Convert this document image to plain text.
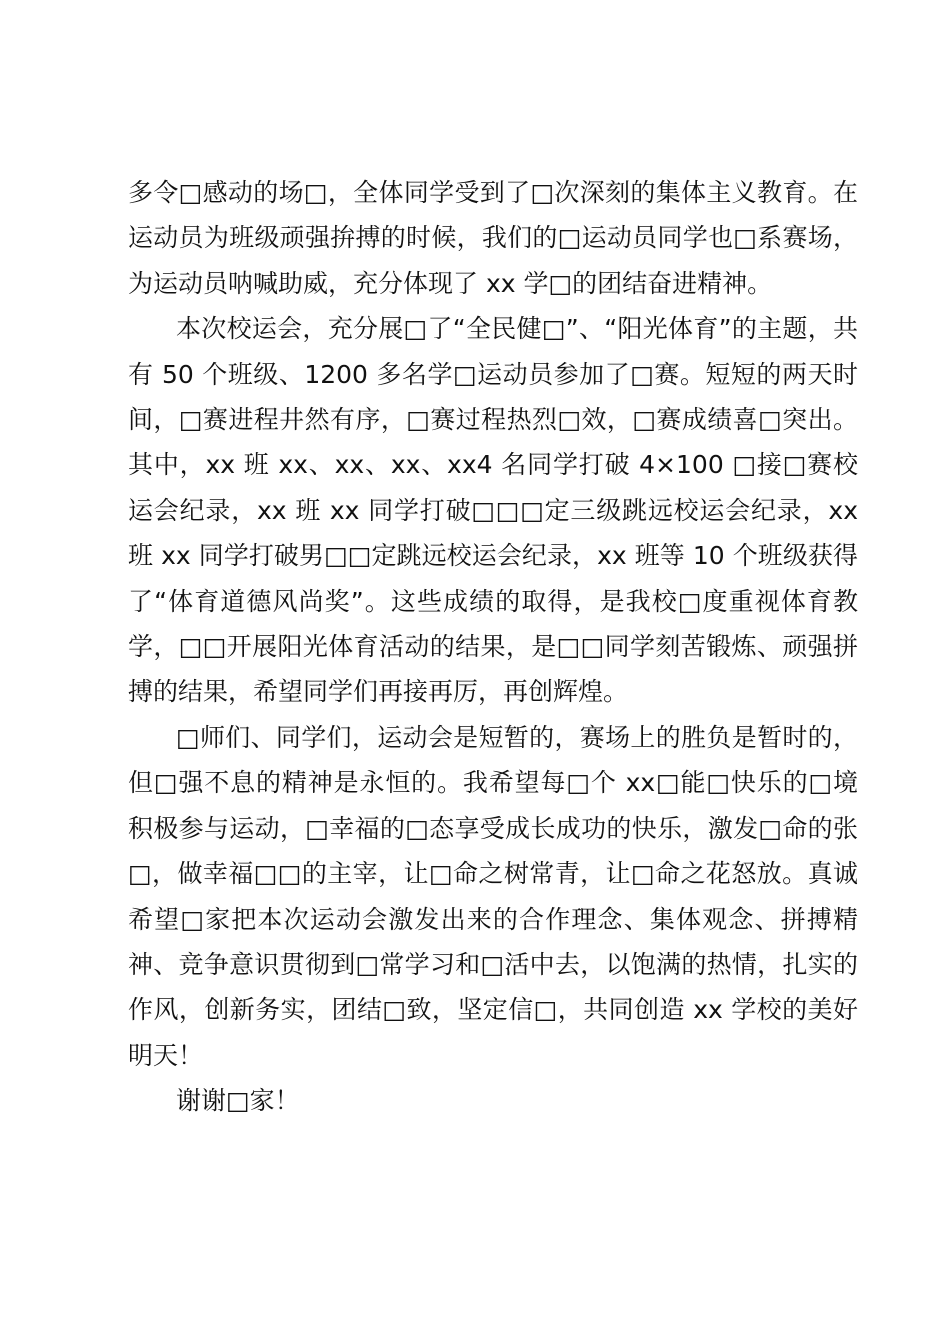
多令□感动的场□，全体同学受到了□次深刻的集体主义教育。在运动员为班级顽强拚搏的时候，我们的□运动员同学也□系赛场，为运动员呐喊助威，充分体现了 xx 学□的团结奋进精神。

本次校运会，充分展□了“全民健□”、“阳光体育”的主题，共有 50 个班级、1200 多名学□运动员参加了□赛。短短的两天时间，□赛进程井然有序，□赛过程热烈□效，□赛成绩喜□突出。其中，xx 班 xx、xx、xx、xx4 名同学打破 4×100 □接□赛校运会纪录，xx 班 xx 同学打破□□□定三级跳远校运会纪录，xx 班 xx 同学打破男□□定跳远校运会纪录，xx 班等 10 个班级获得了“体育道德风尚奖”。这些成绩的取得，是我校□度重视体育教学，□□开展阳光体育活动的结果，是□□同学刻苦锻炼、顽强拼搏的结果，希望同学们再接再厉，再创辉煌。

□师们、同学们，运动会是短暂的，赛场上的胜负是暂时的，但□强不息的精神是永恒的。我希望每□个 xx□能□快乐的□境积极参与运动，□幸福的□态享受成长成功的快乐，激发□命的张□，做幸福□□的主宰，让□命之树常青，让□命之花怒放。真诚希望□家把本次运动会激发出来的合作理念、集体观念、拼搏精神、竞争意识贯彻到□常学习和□活中去，以饱满的热情，扎实的作风，创新务实，团结□致，坚定信□，共同创造 xx 学校的美好明天！

谢谢□家！
